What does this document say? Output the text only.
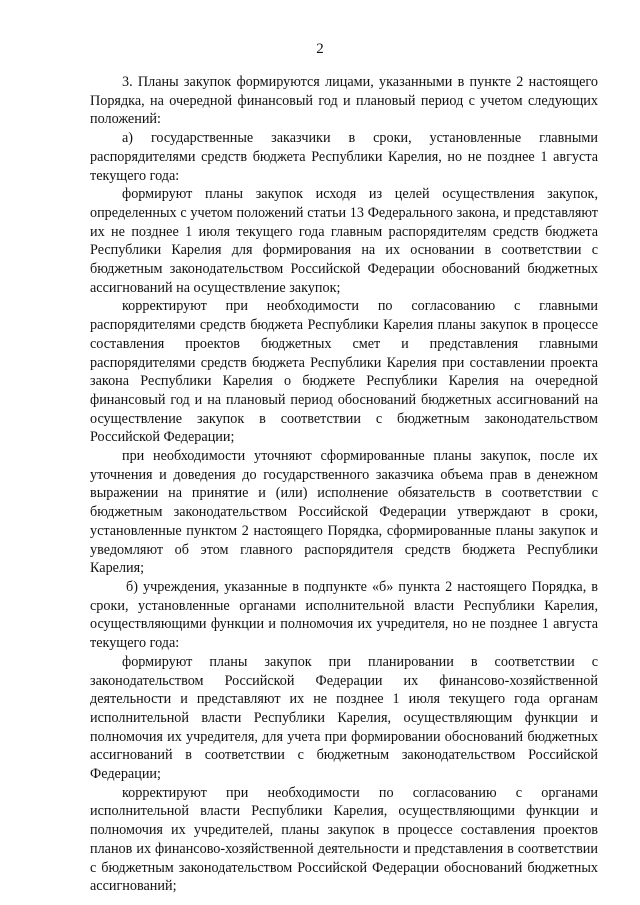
2

3. Планы закупок формируются лицами, указанными в пункте 2 настоящего Порядка, на очередной финансовый год и плановый период с учетом следующих положений:

а) государственные заказчики в сроки, установленные главными распорядителями средств бюджета Республики Карелия, но не позднее 1 августа текущего года:

формируют планы закупок исходя из целей осуществления закупок, определенных с учетом положений статьи 13 Федерального закона, и представляют их не позднее 1 июля текущего года главным распорядителям средств бюджета Республики Карелия для формирования на их основании в соответствии с бюджетным законодательством Российской Федерации обоснований бюджетных ассигнований на осуществление закупок;

корректируют при необходимости по согласованию с главными распорядителями средств бюджета Республики Карелия планы закупок в процессе составления проектов бюджетных смет и представления главными распорядителями средств бюджета Республики Карелия при составлении проекта закона Республики Карелия о бюджете Республики Карелия на очередной финансовый год и на плановый период обоснований бюджетных ассигнований на осуществление закупок в соответствии с бюджетным законодательством Российской Федерации;

при необходимости уточняют сформированные планы закупок, после их уточнения и доведения до государственного заказчика объема прав в денежном выражении на принятие и (или) исполнение обязательств в соответствии с бюджетным законодательством Российской Федерации утверждают в сроки, установленные пунктом 2 настоящего Порядка, сформированные планы закупок и уведомляют об этом главного распорядителя средств бюджета Республики Карелия;

б) учреждения, указанные в подпункте «б» пункта 2 настоящего Порядка, в сроки, установленные органами исполнительной власти Республики Карелия, осуществляющими функции и полномочия их учредителя, но не позднее 1 августа текущего года:

формируют планы закупок при планировании в соответствии с законодательством Российской Федерации их финансово-хозяйственной деятельности и представляют их не позднее 1 июля текущего года органам исполнительной власти Республики Карелия, осуществляющим функции и полномочия их учредителя, для учета при формировании обоснований бюджетных ассигнований в соответствии с бюджетным законодательством Российской Федерации;

корректируют при необходимости по согласованию с органами исполнительной власти Республики Карелия, осуществляющими функции и полномочия их учредителей, планы закупок в процессе составления проектов планов их финансово-хозяйственной деятельности и представления в соответствии с бюджетным законодательством Российской Федерации обоснований бюджетных ассигнований;
